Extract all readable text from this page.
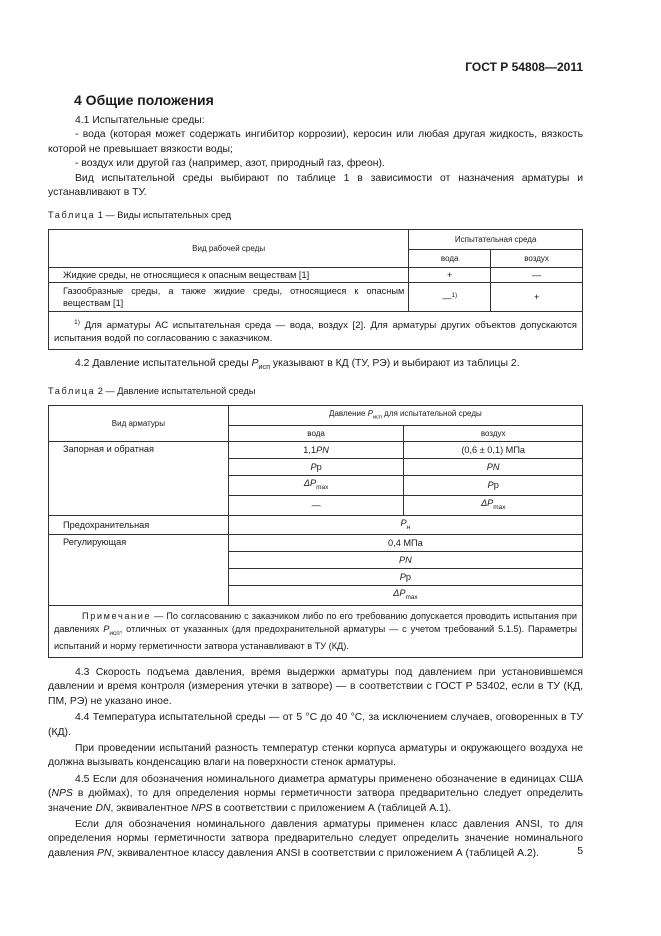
ГОСТ Р 54808—2011
4 Общие положения
4.1 Испытательные среды:
- вода (которая может содержать ингибитор коррозии), керосин или любая другая жидкость, вязкость которой не превышает вязкости воды;
- воздух или другой газ (например, азот, природный газ, фреон).
Вид испытательной среды выбирают по таблице 1 в зависимости от назначения арматуры и устанавливают в ТУ.
Таблица 1 — Виды испытательных сред
Вид рабочей среды	Испытательная среда	
	вода	воздух
Жидкие среды, не относящиеся к опасным веществам [1]	+	—
Газообразные среды, а также жидкие среды, относящиеся к опасным веществам [1]	—$^{1)}$	+
$^{1)}$ Для арматуры АС испытательная среда — вода, воздух [2]. Для арматуры других объектов допускаются испытания водой по согласованию с заказчиком.		
4.2 Давление испытательной среды $P_{исп}$ указывают в КД (ТУ, РЭ) и выбирают из таблицы 2.
Таблица 2 — Давление испытательной среды
Вид арматуры	Давление $P_{исп}$ для испытательной среды	
	вода	воздух
Запорная и обратная	1,1PN	(0,6 ± 0,1) МПа
	Pр	PN
	$\Delta P_{max}$	Pр
	—	$\Delta P_{max}$
Предохранительная	$P_н$
Регулирующая	0,4 МПа	
	PN	
	Pр	
	$\Delta P_{max}$
Примечание — По согласованию с заказчиком либо по его требованию допускается проводить испытания при давлениях $P_{исп}$, отличных от указанных (для предохранительной арматуры — с учетом требований 5.1.5). Параметры испытаний и норму герметичности затвора устанавливают в ТУ (КД).		
4.3 Скорость подъема давления, время выдержки арматуры под давлением при установившемся давлении и время контроля (измерения утечки в затворе) — в соответствии с ГОСТ Р 53402, если в ТУ (КД, ПМ, РЭ) не указано иное.
4.4 Температура испытательной среды — от 5 °С до 40 °С, за исключением случаев, оговоренных в ТУ (КД).
При проведении испытаний разность температур стенки корпуса арматуры и окружающего воздуха не должна вызывать конденсацию влаги на поверхности стенок арматуры.
4.5 Если для обозначения номинального диаметра арматуры применено обозначение в единицах США (NPS в дюймах), то для определения нормы герметичности затвора предварительно следует определить значение DN, эквивалентное NPS в соответствии с приложением А (таблицей А.1).
Если для обозначения номинального давления арматуры применен класс давления ANSI, то для определения нормы герметичности затвора предварительно следует определить значение номинального давления PN, эквивалентное классу давления ANSI в соответствии с приложением А (таблицей А.2).	5
